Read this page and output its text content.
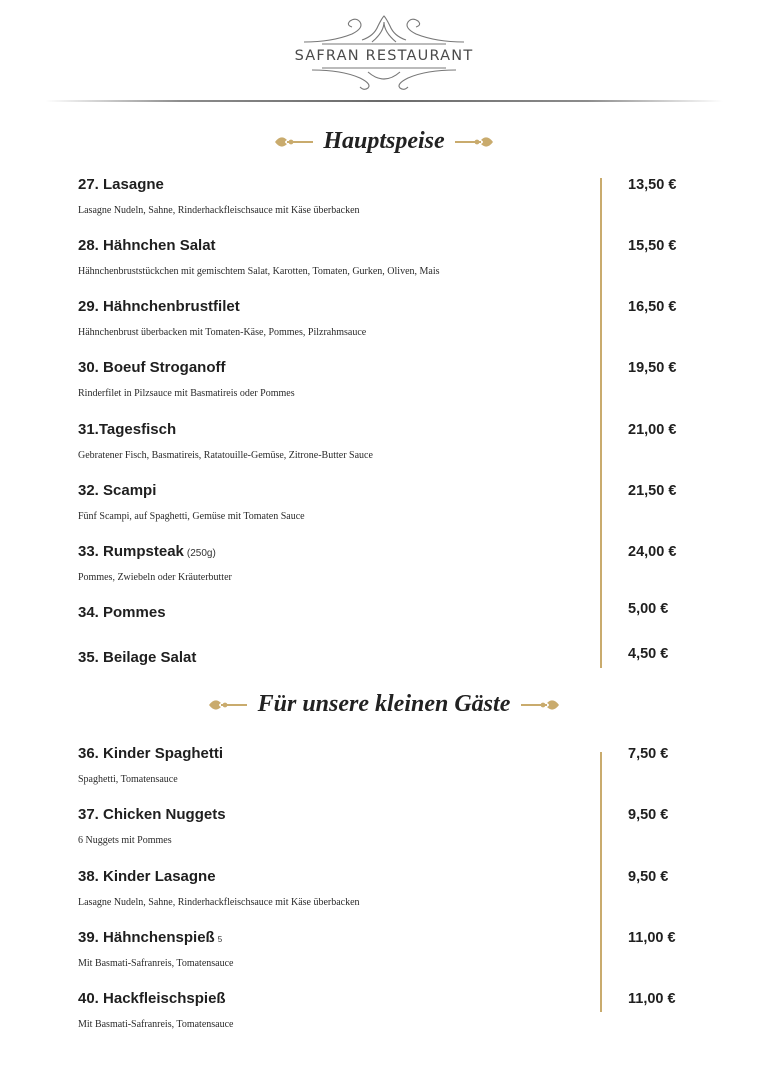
SAFRAN RESTAURANT
Hauptspeise
27. Lasagne
Lasagne Nudeln, Sahne, Rinderhackfleischsauce mit Käse überbacken
13,50 €
28. Hähnchen Salat
Hähnchenbruststückchen mit gemischtem Salat, Karotten, Tomaten, Gurken, Oliven, Mais
15,50 €
29. Hähnchenbrustfilet
Hähnchenbrust überbacken mit Tomaten-Käse, Pommes, Pilzrahmsauce
16,50 €
30. Boeuf Stroganoff
Rinderfilet in Pilzsauce mit Basmatireis oder Pommes
19,50 €
31.Tagesfisch
Gebratener Fisch, Basmatireis, Ratatouille-Gemüse, Zitrone-Butter Sauce
21,00 €
32. Scampi
Fünf Scampi, auf Spaghetti, Gemüse mit Tomaten Sauce
21,50 €
33. Rumpsteak (250g)
Pommes, Zwiebeln oder Kräuterbutter
24,00 €
34. Pommes	5,00 €
35. Beilage Salat	4,50 €
Für unsere kleinen Gäste
36. Kinder Spaghetti
Spaghetti, Tomatensauce
7,50 €
37. Chicken Nuggets
6 Nuggets mit Pommes
9,50 €
38. Kinder Lasagne
Lasagne Nudeln, Sahne, Rinderhackfleischsauce mit Käse überbacken
9,50 €
39. Hähnchenspieß 5
Mit Basmati-Safranreis, Tomatensauce
11,00 €
40. Hackfleischspieß
Mit Basmati-Safranreis, Tomatensauce
11,00 €
